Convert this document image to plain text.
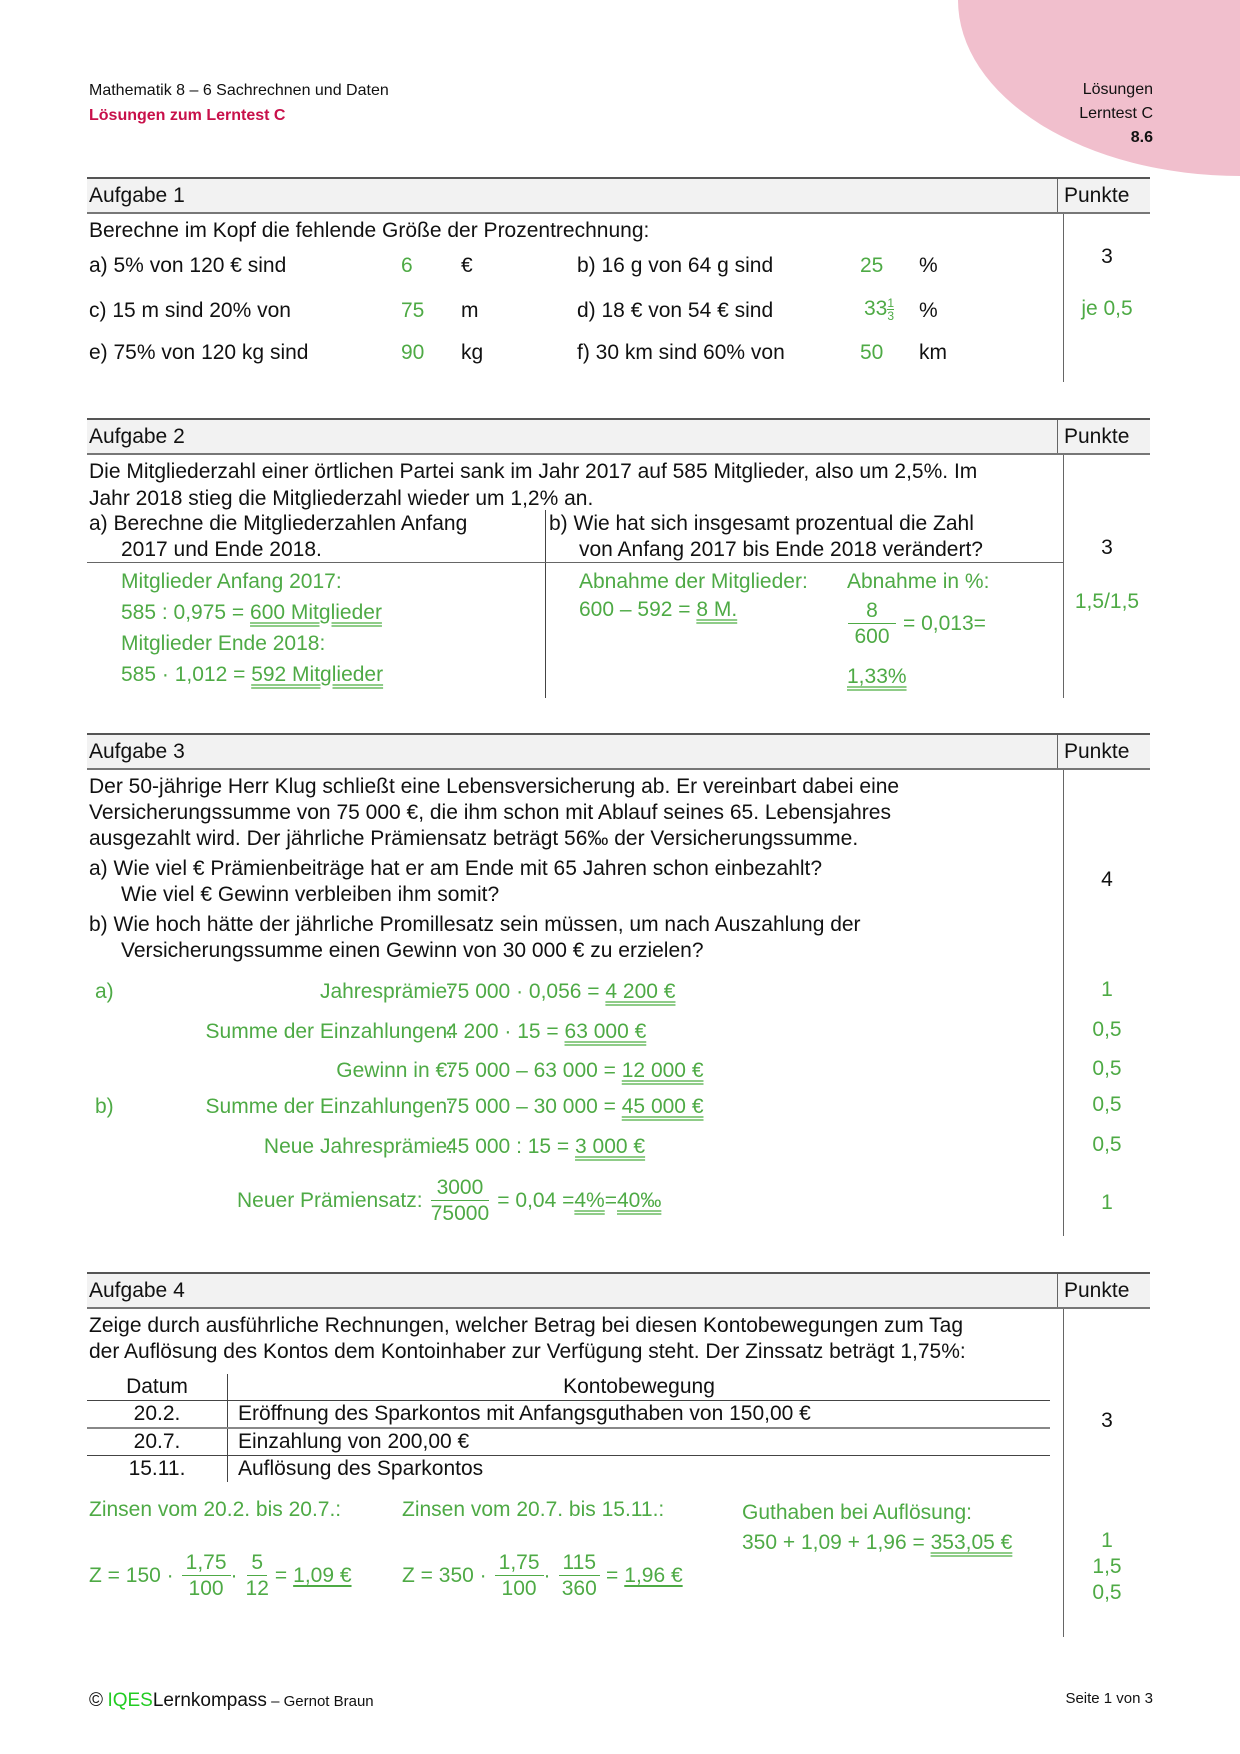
Mathematik 8 – 6 Sachrechnen und Daten
Lösungen zum Lerntest C
Lösungen
Lerntest C
8.6
Aufgabe 1	Punkte
Berechne im Kopf die fehlende Größe der Prozentrechnung:
a) 5% von 120 € sind	6 €	b) 16 g von 64 g sind	25 %
c) 15 m sind 20% von	75 m	d) 18 € von 54 € sind	$33 \frac{1}{3}$ %
e) 75% von 120 kg sind	90 kg	f) 30 km sind 60% von	50 km
3
je 0,5
Aufgabe 2	Punkte
Die Mitgliederzahl einer örtlichen Partei sank im Jahr 2017 auf 585 Mitglieder, also um 2,5%. Im
Jahr 2018 stieg die Mitgliederzahl wieder um 1,2% an.
a) Berechne die Mitgliederzahlen Anfang
2017 und Ende 2018.
b) Wie hat sich insgesamt prozentual die Zahl
von Anfang 2017 bis Ende 2018 verändert?
Mitglieder Anfang 2017:
585 : 0,975 = 600 Mitglieder
Mitglieder Ende 2018:
585 · 1,012 = 592 Mitglieder
Abnahme der Mitglieder:
600 – 592 = 8 M.
Abnahme in %:
$\frac{8}{600} = 0,013$ =
1,33%
3
1,5/1,5
Aufgabe 3	Punkte
Der 50-jährige Herr Klug schließt eine Lebensversicherung ab. Er vereinbart dabei eine
Versicherungssumme von 75 000 €, die ihm schon mit Ablauf seines 65. Lebensjahres
ausgezahlt wird. Der jährliche Prämiensatz beträgt 56‰ der Versicherungssumme.
a) Wie viel € Prämienbeiträge hat er am Ende mit 65 Jahren schon einbezahlt?
Wie viel € Gewinn verbleiben ihm somit?
b) Wie hoch hätte der jährliche Promillesatz sein müssen, um nach Auszahlung der
Versicherungssumme einen Gewinn von 30 000 € zu erzielen?
4
a)	Jahresprämie:
75 000 · 0,056 = 4 200 €	1
Summe der Einzahlungen:
4 200 · 15 = 63 000 €	0,5
Gewinn in €:
75 000 – 63 000 = 12 000 €	0,5
b)	Summe der Einzahlungen:
75 000 – 30 000 = 45 000 €	0,5
Neue Jahresprämie:
45 000 : 15 = 3 000 €	0,5
Neuer Prämiensatz: $\frac{3000}{75000} = 0,04 = 4\%$ = 40‰	1
Aufgabe 4	Punkte
Zeige durch ausführliche Rechnungen, welcher Betrag bei diesen Kontobewegungen zum Tag
der Auflösung des Kontos dem Kontoinhaber zur Verfügung steht. Der Zinssatz beträgt 1,75%:
Datum	Kontobewegung
20.2.	Eröffnung des Sparkontos mit Anfangsguthaben von 150,00 €
20.7.	Einzahlung von 200,00 €
15.11.	Auflösung des Sparkontos
3
Zinsen vom 20.2. bis 20.7.:	Zinsen vom 20.7. bis 15.11.:	Guthaben bei Auflösung:
350 + 1,09 + 1,96 = 353,05 €
$Z = 150 \cdot \frac{1,75}{100} \cdot \frac{5}{12} = 1,09$ € $Z = 350 \cdot \frac{1,75}{100} \cdot \frac{115}{360} = 1,96$ €
1
1,5
0,5
© IQESLernkompass – Gernot Braun	Seite 1 von 3
